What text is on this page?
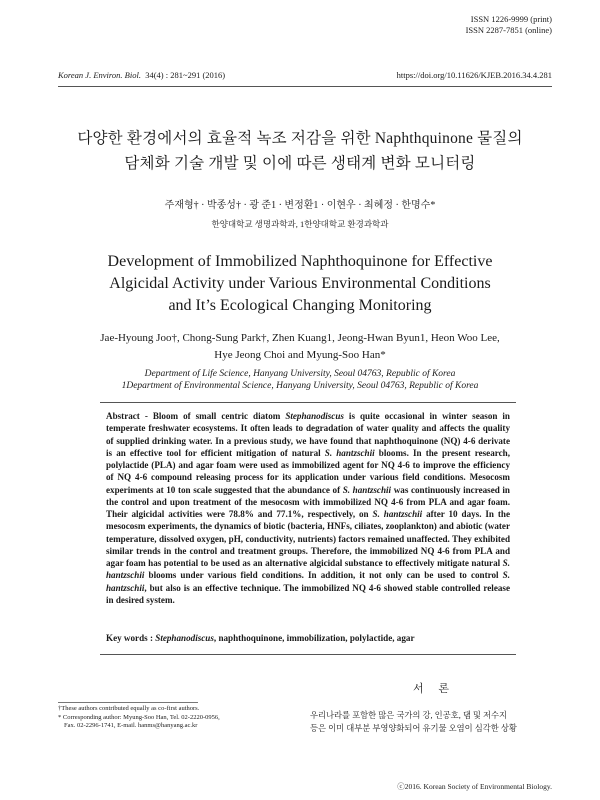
ISSN 1226-9999 (print)
ISSN 2287-7851 (online)
Korean J. Environ. Biol. 34(4) : 281~291 (2016)	https://doi.org/10.11626/KJEB.2016.34.4.281
다양한 환경에서의 효율적 녹조 저감을 위한 Naphthquinone 물질의
담체화 기술 개발 및 이에 따른 생태계 변화 모니터링
주재형† · 박종성† · 광 준1 · 변정환1 · 이현우 · 최혜정 · 한명수*
한양대학교 생명과학과, 1한양대학교 환경과학과
Development of Immobilized Naphthoquinone for Effective
Algicidal Activity under Various Environmental Conditions
and It’s Ecological Changing Monitoring
Jae-Hyoung Joo†, Chong-Sung Park†, Zhen Kuang1, Jeong-Hwan Byun1, Heon Woo Lee,
Hye Jeong Choi and Myung-Soo Han*
Department of Life Science, Hanyang University, Seoul 04763, Republic of Korea
1Department of Environmental Science, Hanyang University, Seoul 04763, Republic of Korea
Abstract - Bloom of small centric diatom Stephanodiscus is quite occasional in winter season in temperate freshwater ecosystems. It often leads to degradation of water quality and affects the quality of supplied drinking water. In a previous study, we have found that naphthoquinone (NQ) 4-6 derivate is an effective tool for efficient mitigation of natural S. hantzschii blooms. In the present research, polylactide (PLA) and agar foam were used as immobilized agent for NQ 4-6 to improve the efficiency of NQ 4-6 compound releasing process for its application under various field conditions. Mesocosm experiments at 10 ton scale suggested that the abundance of S. hantzschii was continuously increased in the control and upon treatment of the mesocosm with immobilized NQ 4-6 from PLA and agar foam. Their algicidal activities were 78.8% and 77.1%, respectively, on S. hantzschii after 10 days. In the mesocosm experiments, the dynamics of biotic (bacteria, HNFs, ciliates, zooplankton) and abiotic (water temperature, dissolved oxygen, pH, conductivity, nutrients) factors remained unaffected. They exhibited similar trends in the control and treatment groups. Therefore, the immobilized NQ 4-6 from PLA and agar foam has potential to be used as an alternative algicidal substance to effectively mitigate natural S. hantzschii blooms under various field conditions. In addition, it not only can be used to control S. hantzschii, but also is an effective technique. The immobilized NQ 4-6 showed stable controlled release in desired system.
Key words : Stephanodiscus, naphthoquinone, immobilization, polylactide, agar
†These authors contributed equally as co-first authors.
* Corresponding author: Myung-Soo Han, Tel. 02-2220-0956,
Fax. 02-2296-1741, E-mail. hanms@hanyang.ac.kr
서 론
우리나라를 포함한 많은 국가의 강, 인공호, 댐 및 저수지
등은 이미 대부분 부영양화되어 유기물 오염이 심각한 상황
ⓒ2016. Korean Society of Environmental Biology.
